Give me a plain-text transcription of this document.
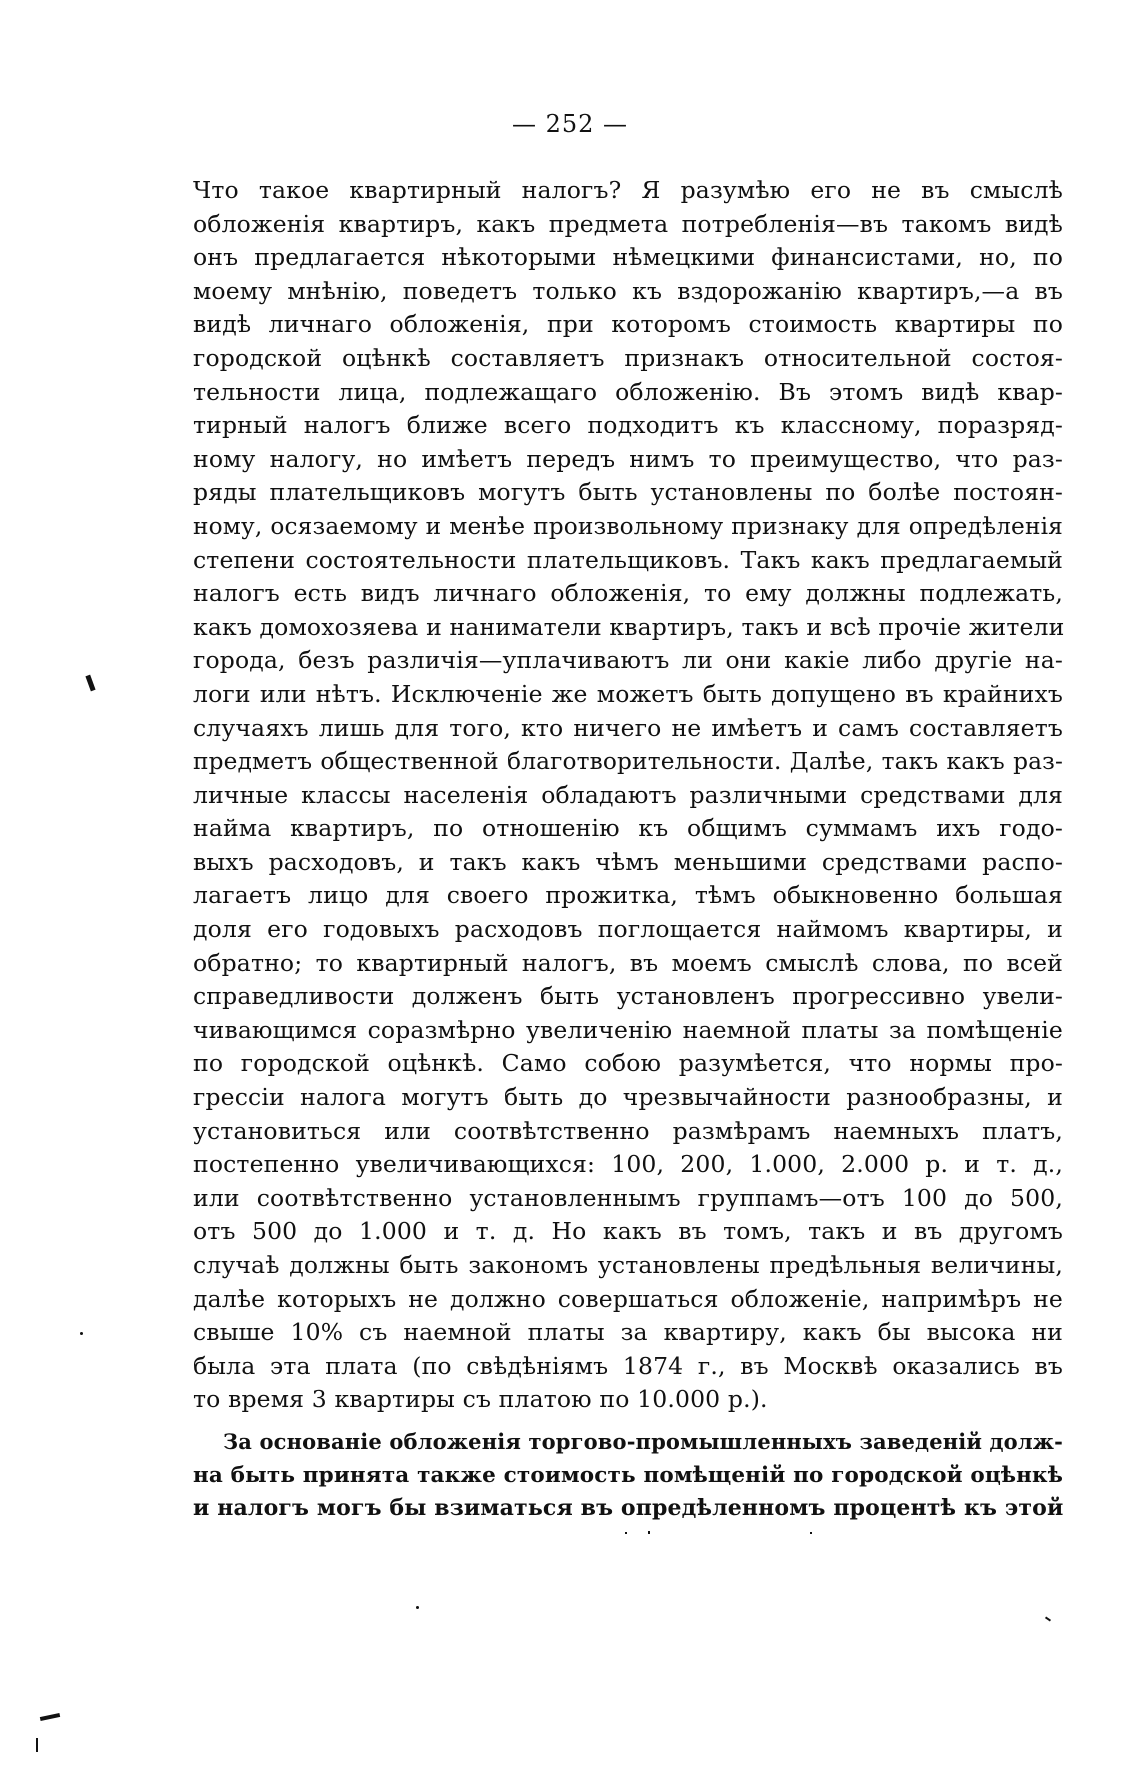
— 252 —
Что такое квартирный налогъ? Я разумѣю его не въ смыслѣ
обложенія квартиръ, какъ предмета потребленія—въ такомъ видѣ
онъ предлагается нѣкоторыми нѣмецкими финансистами, но, по
моему мнѣнію, поведетъ только къ вздорожанію квартиръ,—а въ
видѣ личнаго обложенія, при которомъ стоимость квартиры по
городской оцѣнкѣ составляетъ признакъ относительной состоя-
тельности лица, подлежащаго обложенію. Въ этомъ видѣ квар-
тирный налогъ ближе всего подходитъ къ классному, поразряд-
ному налогу, но имѣетъ передъ нимъ то преимущество, что раз-
ряды плательщиковъ могутъ быть установлены по болѣе постоян-
ному, осязаемому и менѣе произвольному признаку для опредѣленія
степени состоятельности плательщиковъ. Такъ какъ предлагаемый
налогъ есть видъ личнаго обложенія, то ему должны подлежать,
какъ домохозяева и наниматели квартиръ, такъ и всѣ прочіе жители
города, безъ различія—уплачиваютъ ли они какіе либо другіе на-
логи или нѣтъ. Исключеніе же можетъ быть допущено въ крайнихъ
случаяхъ лишь для того, кто ничего не имѣетъ и самъ составляетъ
предметъ общественной благотворительности. Далѣе, такъ какъ раз-
личные классы населенія обладаютъ различными средствами для
найма квартиръ, по отношенію къ общимъ суммамъ ихъ годо-
выхъ расходовъ, и такъ какъ чѣмъ меньшими средствами распо-
лагаетъ лицо для своего прожитка, тѣмъ обыкновенно большая
доля его годовыхъ расходовъ поглощается наймомъ квартиры, и
обратно; то квартирный налогъ, въ моемъ смыслѣ слова, по всей
справедливости долженъ быть установленъ прогрессивно увели-
чивающимся соразмѣрно увеличенію наемной платы за помѣщеніе
по городской оцѣнкѣ. Само собою разумѣется, что нормы про-
грессіи налога могутъ быть до чрезвычайности разнообразны, и
установиться или соотвѣтственно размѣрамъ наемныхъ платъ,
постепенно увеличивающихся: 100, 200, 1.000, 2.000 р. и т. д.,
или соотвѣтственно установленнымъ группамъ—отъ 100 до 500,
отъ 500 до 1.000 и т. д. Но какъ въ томъ, такъ и въ другомъ
случаѣ должны быть закономъ установлены предѣльныя величины,
далѣе которыхъ не должно совершаться обложеніе, напримѣръ не
свыше 10% съ наемной платы за квартиру, какъ бы высока ни
была эта плата (по свѣдѣніямъ 1874 г., въ Москвѣ оказались въ
то время 3 квартиры съ платою по 10.000 р.).
За основаніе обложенія торгово-промышленныхъ заведеній долж-
на быть принята также стоимость помѣщеній по городской оцѣнкѣ
и налогъ могъ бы взиматься въ опредѣленномъ процентѣ къ этой
